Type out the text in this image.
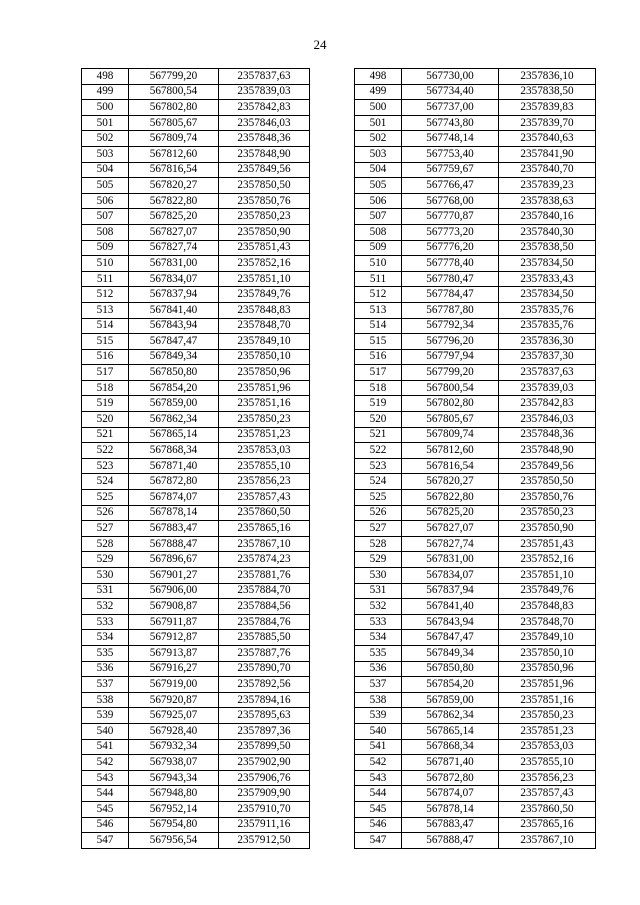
24
498	567799,20	2357837,63		498	567730,00	2357836,10
499	567800,54	2357839,03		499	567734,40	2357838,50
500	567802,80	2357842,83		500	567737,00	2357839,83
501	567805,67	2357846,03		501	567743,80	2357839,70
502	567809,74	2357848,36		502	567748,14	2357840,63
503	567812,60	2357848,90		503	567753,40	2357841,90
504	567816,54	2357849,56		504	567759,67	2357840,70
505	567820,27	2357850,50		505	567766,47	2357839,23
506	567822,80	2357850,76		506	567768,00	2357838,63
507	567825,20	2357850,23		507	567770,87	2357840,16
508	567827,07	2357850,90		508	567773,20	2357840,30
509	567827,74	2357851,43		509	567776,20	2357838,50
510	567831,00	2357852,16		510	567778,40	2357834,50
511	567834,07	2357851,10		511	567780,47	2357833,43
512	567837,94	2357849,76		512	567784,47	2357834,50
513	567841,40	2357848,83		513	567787,80	2357835,76
514	567843,94	2357848,70		514	567792,34	2357835,76
515	567847,47	2357849,10		515	567796,20	2357836,30
516	567849,34	2357850,10		516	567797,94	2357837,30
517	567850,80	2357850,96		517	567799,20	2357837,63
518	567854,20	2357851,96		518	567800,54	2357839,03
519	567859,00	2357851,16		519	567802,80	2357842,83
520	567862,34	2357850,23		520	567805,67	2357846,03
521	567865,14	2357851,23		521	567809,74	2357848,36
522	567868,34	2357853,03		522	567812,60	2357848,90
523	567871,40	2357855,10		523	567816,54	2357849,56
524	567872,80	2357856,23		524	567820,27	2357850,50
525	567874,07	2357857,43		525	567822,80	2357850,76
526	567878,14	2357860,50		526	567825,20	2357850,23
527	567883,47	2357865,16		527	567827,07	2357850,90
528	567888,47	2357867,10		528	567827,74	2357851,43
529	567896,67	2357874,23		529	567831,00	2357852,16
530	567901,27	2357881,76		530	567834,07	2357851,10
531	567906,00	2357884,70		531	567837,94	2357849,76
532	567908,87	2357884,56		532	567841,40	2357848,83
533	567911,87	2357884,76		533	567843,94	2357848,70
534	567912,87	2357885,50		534	567847,47	2357849,10
535	567913,87	2357887,76		535	567849,34	2357850,10
536	567916,27	2357890,70		536	567850,80	2357850,96
537	567919,00	2357892,56		537	567854,20	2357851,96
538	567920,87	2357894,16		538	567859,00	2357851,16
539	567925,07	2357895,63		539	567862,34	2357850,23
540	567928,40	2357897,36		540	567865,14	2357851,23
541	567932,34	2357899,50		541	567868,34	2357853,03
542	567938,07	2357902,90		542	567871,40	2357855,10
543	567943,34	2357906,76		543	567872,80	2357856,23
544	567948,80	2357909,90		544	567874,07	2357857,43
545	567952,14	2357910,70		545	567878,14	2357860,50
546	567954,80	2357911,16		546	567883,47	2357865,16
547	567956,54	2357912,50		547	567888,47	2357867,10
